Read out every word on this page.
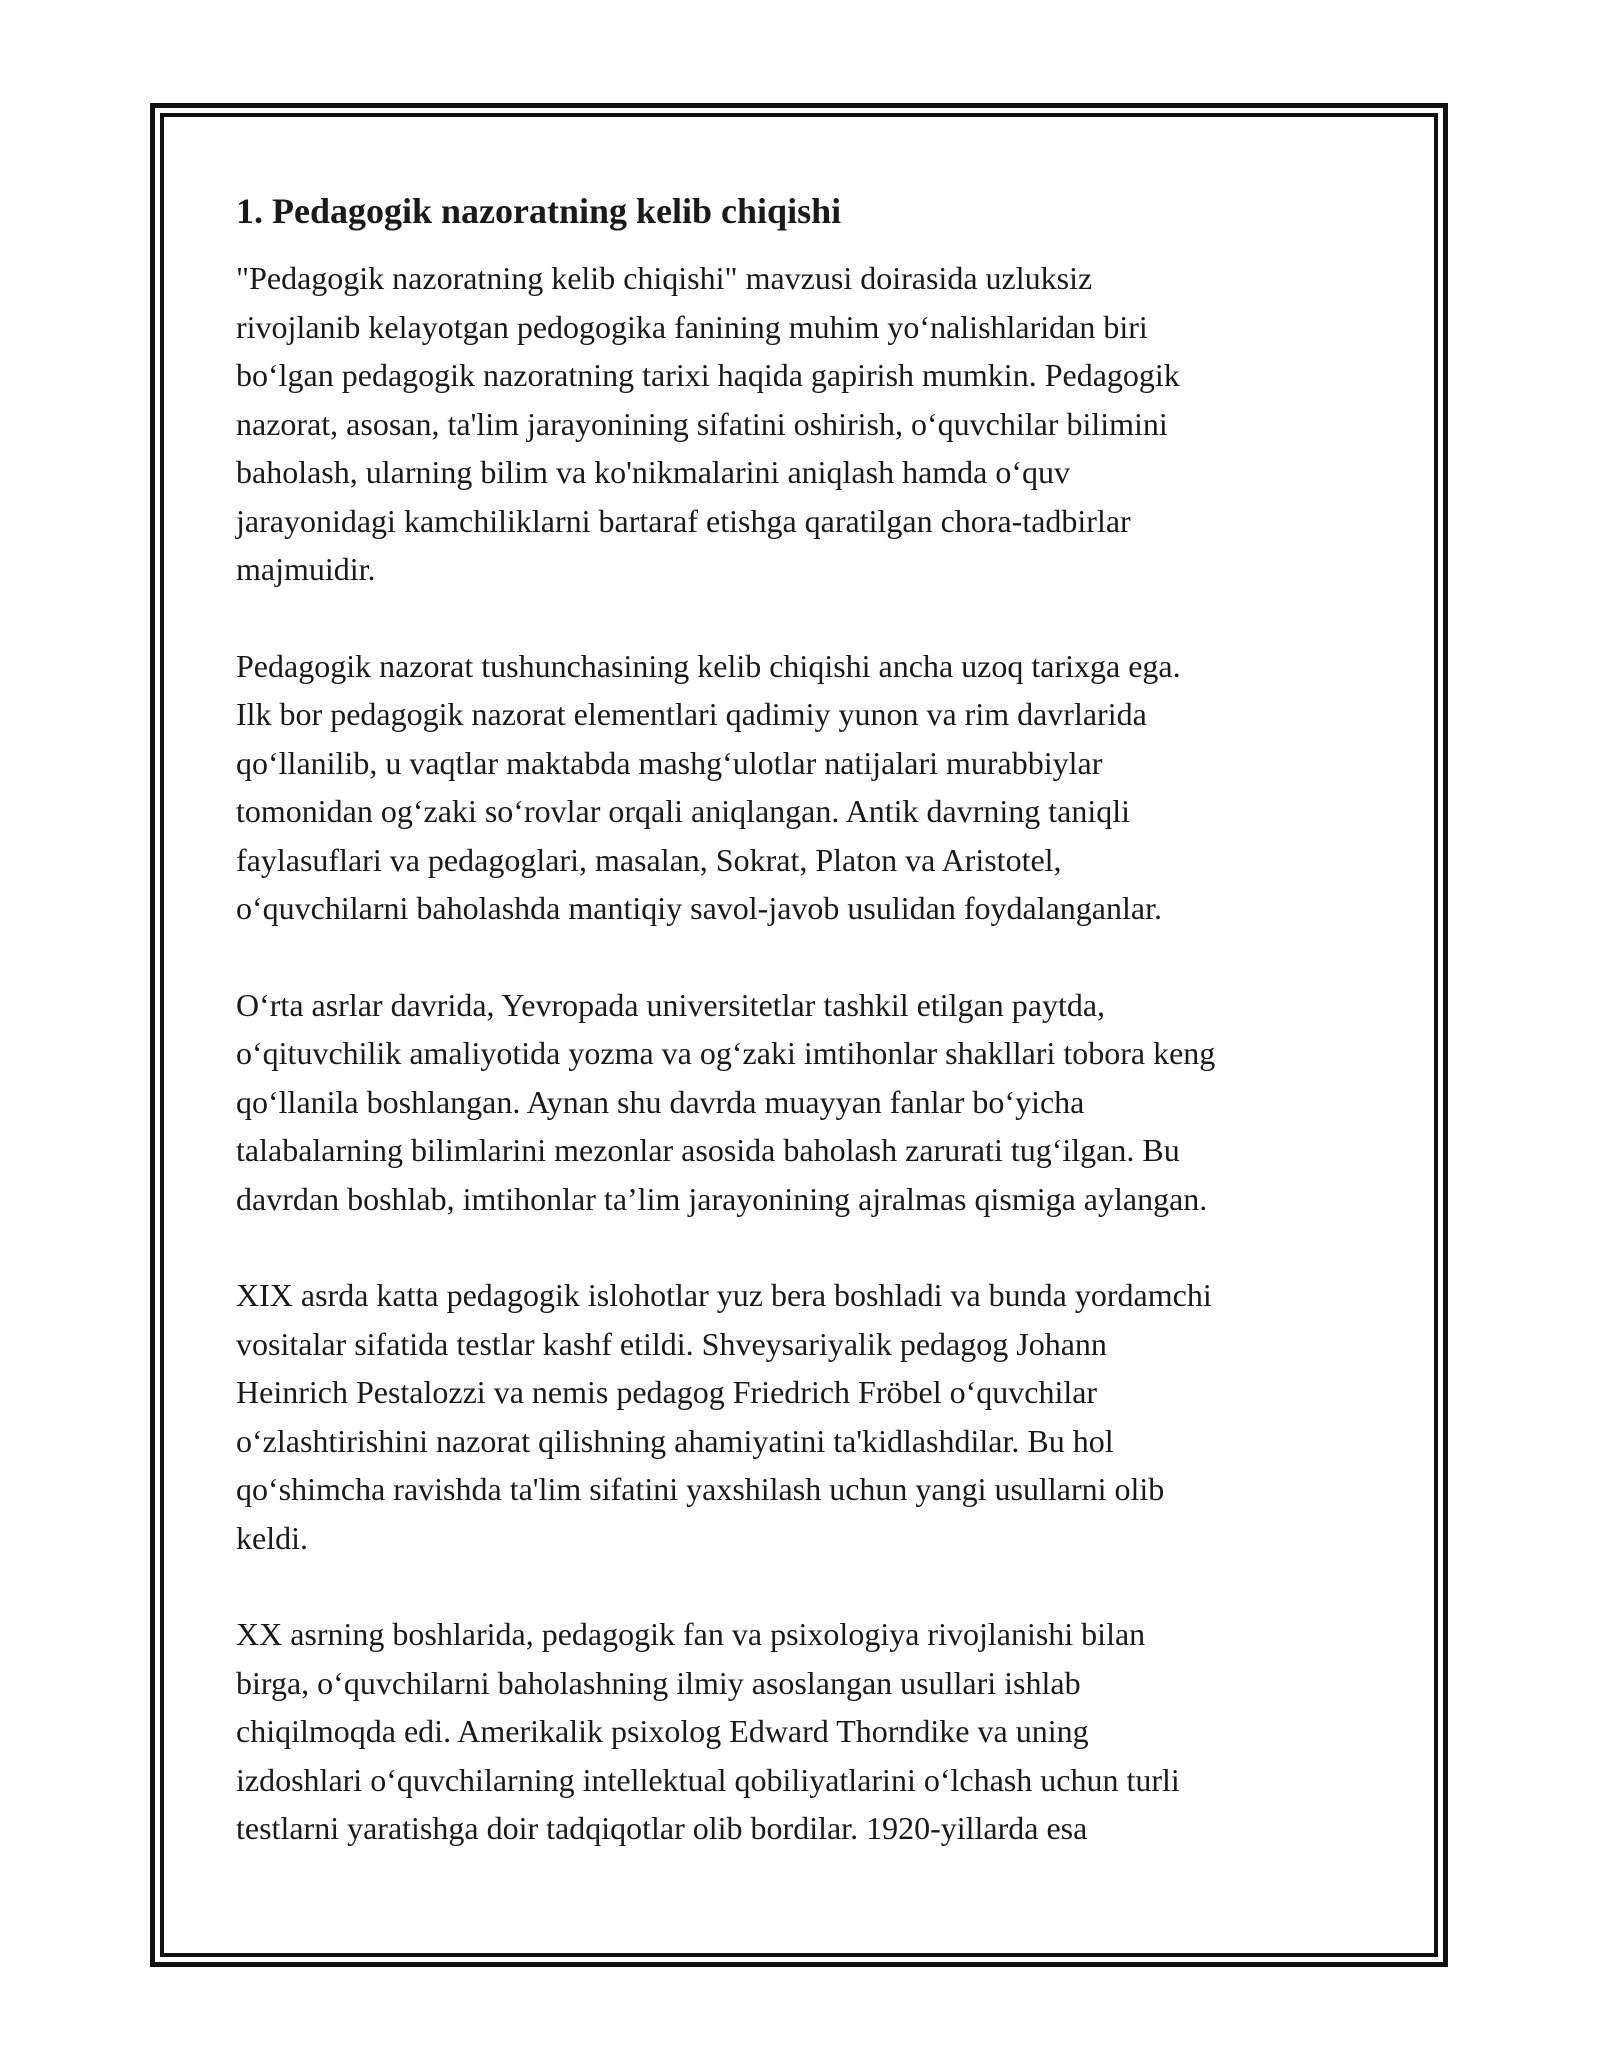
1. Pedagogik nazoratning kelib chiqishi

"Pedagogik nazoratning kelib chiqishi" mavzusi doirasida uzluksiz
rivojlanib kelayotgan pedogogika fanining muhim yoʻnalishlaridan biri
boʻlgan pedagogik nazoratning tarixi haqida gapirish mumkin. Pedagogik
nazorat, asosan, ta'lim jarayonining sifatini oshirish, oʻquvchilar bilimini
baholash, ularning bilim va ko'nikmalarini aniqlash hamda oʻquv
jarayonidagi kamchiliklarni bartaraf etishga qaratilgan chora-tadbirlar
majmuidir.

Pedagogik nazorat tushunchasining kelib chiqishi ancha uzoq tarixga ega.
Ilk bor pedagogik nazorat elementlari qadimiy yunon va rim davrlarida
qoʻllanilib, u vaqtlar maktabda mashgʻulotlar natijalari murabbiylar
tomonidan ogʻzaki soʻrovlar orqali aniqlangan. Antik davrning taniqli
faylasuflari va pedagoglari, masalan, Sokrat, Platon va Aristotel,
oʻquvchilarni baholashda mantiqiy savol-javob usulidan foydalanganlar.

Oʻrta asrlar davrida, Yevropada universitetlar tashkil etilgan paytda,
oʻqituvchilik amaliyotida yozma va ogʻzaki imtihonlar shakllari tobora keng
qoʻllanila boshlangan. Aynan shu davrda muayyan fanlar boʻyicha
talabalarning bilimlarini mezonlar asosida baholash zarurati tugʻilgan. Bu
davrdan boshlab, imtihonlar ta’lim jarayonining ajralmas qismiga aylangan.

XIX asrda katta pedagogik islohotlar yuz bera boshladi va bunda yordamchi
vositalar sifatida testlar kashf etildi. Shveysariyalik pedagog Johann
Heinrich Pestalozzi va nemis pedagog Friedrich Fröbel oʻquvchilar
oʻzlashtirishini nazorat qilishning ahamiyatini ta'kidlashdilar. Bu hol
qoʻshimcha ravishda ta'lim sifatini yaxshilash uchun yangi usullarni olib
keldi.

XX asrning boshlarida, pedagogik fan va psixologiya rivojlanishi bilan
birga, oʻquvchilarni baholashning ilmiy asoslangan usullari ishlab
chiqilmoqda edi. Amerikalik psixolog Edward Thorndike va uning
izdoshlari oʻquvchilarning intellektual qobiliyatlarini oʻlchash uchun turli
testlarni yaratishga doir tadqiqotlar olib bordilar. 1920-yillarda esa
